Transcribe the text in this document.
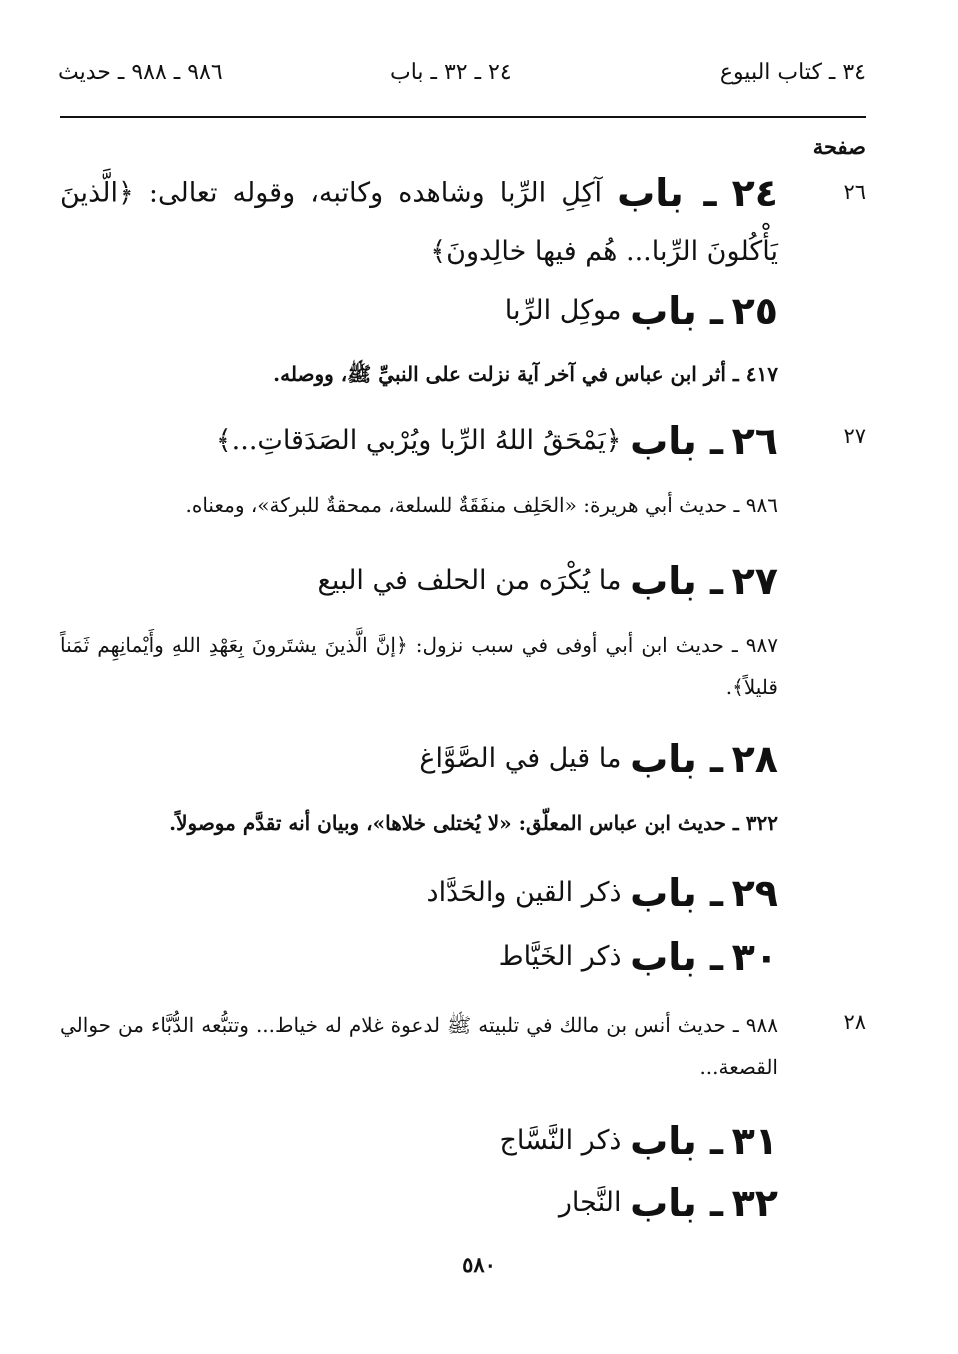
٣٤ ـ كتاب البيوع
٢٤ ـ ٣٢ ـ باب
٩٨٦ ـ ٩٨٨ ـ حديث
صفحة
٢٦
٢٤ ـ باب آكِلِ الرِّبا وشاهده وكاتبه، وقوله تعالى: ﴿الَّذينَ يَأْكُلونَ الرِّبا... هُم فيها خالِدونَ﴾
٢٥ ـ باب موكِل الرِّبا
٤١٧ ـ أثر ابن عباس في آخر آية نزلت على النبيِّ ﷺ، ووصله.
٢٧
٢٦ ـ باب ﴿يَمْحَقُ اللهُ الرِّبا ويُرْبي الصَدَقاتِ...﴾
٩٨٦ ـ حديث أبي هريرة: «الحَلِف منفَقَةٌ للسلعة، ممحقةٌ للبركة»، ومعناه.
٢٧ ـ باب ما يُكْرَه من الحلف في البيع
٩٨٧ ـ حديث ابن أبي أوفى في سبب نزول: ﴿إنَّ الَّذينَ يشتَرونَ بِعَهْدِ اللهِ وأَيْمانِهِم ثَمَناً قليلاً﴾.
٢٨ ـ باب ما قيل في الصَّوَّاغ
٣٢٢ ـ حديث ابن عباس المعلّق: «لا يُختلى خلاها»، وبيان أنه تقدَّم موصولاً.
٢٩ ـ باب ذكر القين والحَدَّاد
٣٠ ـ باب ذكر الخَيَّاط
٢٨
٩٨٨ ـ حديث أنس بن مالك في تلبيته ﷺ لدعوة غلام له خياط... وتتبُّعه الدُّبَّاء من حوالي القصعة...
٣١ ـ باب ذكر النَّسَّاج
٣٢ ـ باب النَّجار
٥٨٠
